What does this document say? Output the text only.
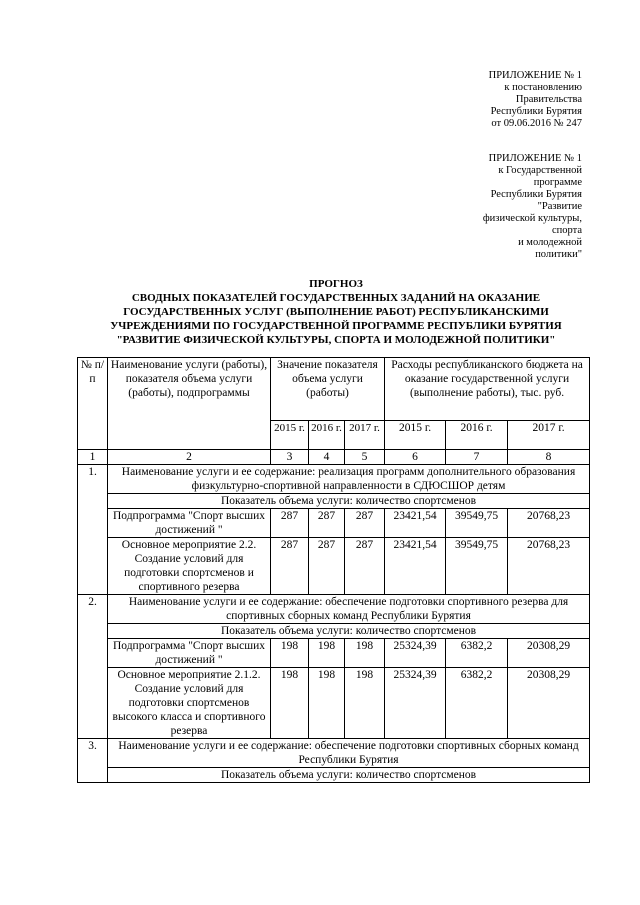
ПРИЛОЖЕНИЕ № 1
к постановлению
Правительства
Республики Бурятия
от 09.06.2016 № 247
ПРИЛОЖЕНИЕ № 1
к Государственной
программе
Республики Бурятия
"Развитие
физической культуры,
спорта
и молодежной
политики"
ПРОГНОЗ
СВОДНЫХ ПОКАЗАТЕЛЕЙ ГОСУДАРСТВЕННЫХ ЗАДАНИЙ НА ОКАЗАНИЕ
ГОСУДАРСТВЕННЫХ УСЛУГ (ВЫПОЛНЕНИЕ РАБОТ) РЕСПУБЛИКАНСКИМИ
УЧРЕЖДЕНИЯМИ ПО ГОСУДАРСТВЕННОЙ ПРОГРАММЕ РЕСПУБЛИКИ БУРЯТИЯ
"РАЗВИТИЕ ФИЗИЧЕСКОЙ КУЛЬТУРЫ, СПОРТА И МОЛОДЕЖНОЙ ПОЛИТИКИ"
№ п/п	Наименование услуги (работы), показателя объема услуги (работы), подпрограммы	Значение показателя объема услуги (работы)			Расходы республиканского бюджета на оказание государственной услуги (выполнение работы), тыс. руб.		
		2015 г.	2016 г.	2017 г.	2015 г.	2016 г.	2017 г.
1	2	3	4	5	6	7	8
1.	Наименование услуги и ее содержание: реализация программ дополнительного образования физкультурно-спортивной направленности в СДЮСШОР детям						
	Показатель объема услуги: количество спортсменов						
	Подпрограмма "Спорт высших достижений "	287	287	287	23421,54	39549,75	20768,23
	Основное мероприятие 2.2. Создание условий для подготовки спортсменов и спортивного резерва	287	287	287	23421,54	39549,75	20768,23
2.	Наименование услуги и ее содержание: обеспечение подготовки спортивного резерва для спортивных сборных команд Республики Бурятия						
	Показатель объема услуги: количество спортсменов						
	Подпрограмма "Спорт высших достижений "	198	198	198	25324,39	6382,2	20308,29
	Основное мероприятие 2.1.2. Создание условий для подготовки спортсменов высокого класса и спортивного резерва	198	198	198	25324,39	6382,2	20308,29
3.	Наименование услуги и ее содержание: обеспечение подготовки спортивных сборных команд Республики Бурятия						
	Показатель объема услуги: количество спортсменов						
